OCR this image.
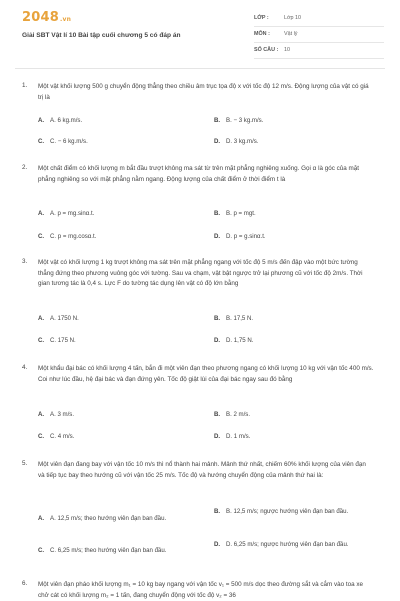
2048.vn
Giải SBT Vật lí 10 Bài tập cuối chương 5 có đáp án
LỚP :	Lớp 10
MÔN :	Vật lý
SỐ CÂU : 10
1. Một vật khối lượng 500 g chuyển động thẳng theo chiều âm trục tọa độ x với tốc độ 12 m/s. Động lượng của vật có giá trị là
A. A. 6 kg.m/s.	B. B. − 3 kg.m/s.
C. C. − 6 kg.m/s.	D. D. 3 kg.m/s.
2. Một chất điểm có khối lượng m bắt đầu trượt không ma sát từ trên mặt phẳng nghiêng xuống. Gọi α là góc của mặt phẳng nghiêng so với mặt phẳng nằm ngang. Động lượng của chất điểm ở thời điểm t là
A. A. p = mg.sinα.t.	B. B. p = mgt.
C. C. p = mg.cosα.t.	D. D. p = g.sinα.t.
3. Một vật có khối lượng 1 kg trượt không ma sát trên mặt phẳng ngang với tốc độ 5 m/s đến đập vào một bức tường thẳng đứng theo phương vuông góc với tường. Sau va chạm, vật bật ngược trở lại phương cũ với tốc độ 2m/s. Thời gian tương tác là 0,4 s. Lực F do tường tác dụng lên vật có độ lớn bằng
A. A. 1750 N.	B. B. 17,5 N.
C. C. 175 N.	D. D. 1,75 N.
4. Một khẩu đại bác có khối lượng 4 tấn, bắn đi một viên đạn theo phương ngang có khối lượng 10 kg với vận tốc 400 m/s. Coi như lúc đầu, hệ đại bác và đạn đứng yên. Tốc độ giật lùi của đại bác ngay sau đó bằng
A. A. 3 m/s.	B. B. 2 m/s.
C. C. 4 m/s.	D. D. 1 m/s.
5. Một viên đạn đang bay với vận tốc 10 m/s thì nổ thành hai mảnh. Mảnh thứ nhất, chiếm 60% khối lượng của viên đạn và tiếp tục bay theo hướng cũ với vận tốc 25 m/s. Tốc độ và hướng chuyển động của mảnh thứ hai là:
A. A. 12,5 m/s; theo hướng viên đạn ban đầu.
B. B. 12,5 m/s; ngược hướng viên đạn ban đầu.
C. C. 6,25 m/s; theo hướng viên đạn ban đầu.
D. D. 6,25 m/s; ngược hướng viên đạn ban đầu.
6. Một viên đạn pháo khối lượng m₁ = 10 kg bay ngang với vận tốc v₁ = 500 m/s dọc theo đường sắt và cắm vào toa xe chở cát có khối lượng m₂ = 1 tấn, đang chuyển động với tốc độ v₂ = 36
